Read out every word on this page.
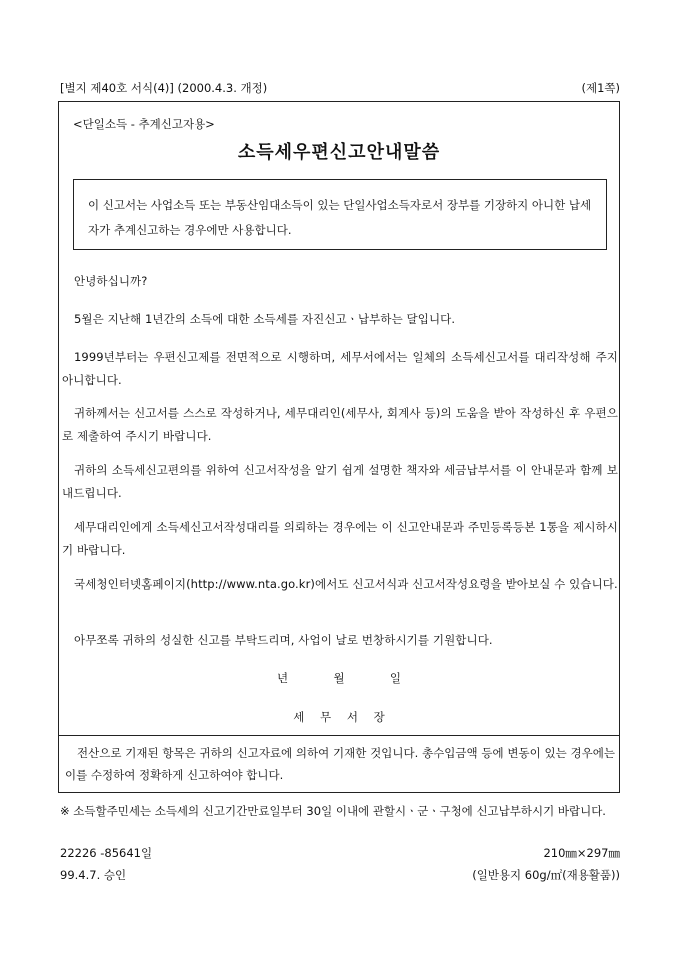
[별지 제40호 서식(4)] (2000.4.3. 개정)	(제1쪽)
<단일소득 - 추계신고자용>
소득세우편신고안내말씀
이 신고서는 사업소득 또는 부동산임대소득이 있는 단일사업소득자로서 장부를 기장하지 아니한 납세자가 추계신고하는 경우에만 사용합니다.
안녕하십니까?
5월은 지난해 1년간의 소득에 대한 소득세를 자진신고ㆍ납부하는 달입니다.
1999년부터는 우편신고제를 전면적으로 시행하며, 세무서에서는 일체의 소득세신고서를 대리작성해 주지 아니합니다.
귀하께서는 신고서를 스스로 작성하거나, 세무대리인(세무사, 회계사 등)의 도움을 받아 작성하신 후 우편으로 제출하여 주시기 바랍니다.
귀하의 소득세신고편의를 위하여 신고서작성을 알기 쉽게 설명한 책자와 세금납부서를 이 안내문과 함께 보내드립니다.
세무대리인에게 소득세신고서작성대리를 의뢰하는 경우에는 이 신고안내문과 주민등록등본 1통을 제시하시기 바랍니다.
국세청인터넷홈페이지(http://www.nta.go.kr)에서도 신고서식과 신고서작성요령을 받아보실 수 있습니다.
아무쪼록 귀하의 성실한 신고를 부탁드리며, 사업이 날로 번창하시기를 기원합니다.
년	월	일
세 무 서 장
전산으로 기재된 항목은 귀하의 신고자료에 의하여 기재한 것입니다. 총수입금액 등에 변동이 있는 경우에는 이를 수정하여 정확하게 신고하여야 합니다.
※ 소득할주민세는 소득세의 신고기간만료일부터 30일 이내에 관할시ㆍ군ㆍ구청에 신고납부하시기 바랍니다.
22226 -85641일	210㎜×297㎜
99.4.7. 승인	(일반용지 60g/㎡(재용활품))
